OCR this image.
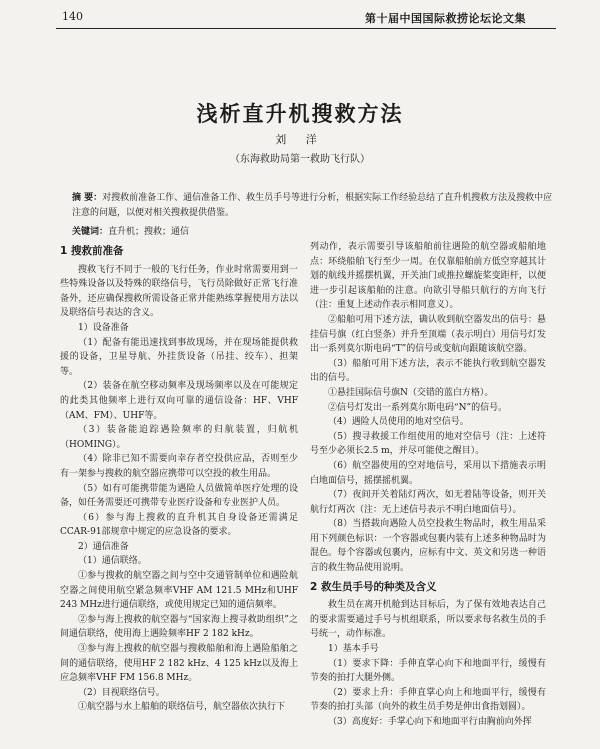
140	第十届中国国际救捞论坛论文集
浅析直升机搜救方法
刘 洋
（东海救助局第一救助飞行队）
摘 要：对搜救前准备工作、通信准备工作、救生员手号等进行分析，根据实际工作经验总结了直升机搜救方法及搜救中应注意的问题，以便对相关搜救提供借鉴。
关键词：直升机；搜救；通信

1 搜救前准备

搜救飞行不同于一般的飞行任务，作业时常需要用到一些特殊设备以及特殊的联络信号，飞行员除做好正常飞行准备外，还应确保搜救所需设备正常并能熟练掌握使用方法以及联络信号表达的含义。

1）设备准备

（1）配备有能迅速找到事故现场，并在现场能提供救援的设备，卫星导航、外挂货设备（吊挂、绞车）、担架等。

（2）装备在航空移动频率及现场频率以及在可能规定的此类其他频率上进行双向可靠的通信设备：HF、VHF（AM、FM）、UHF等。

（3）装备能追踪遇险频率的归航装置，归航机（HOMING）。

（4）除非已知不需要向幸存者空投供应品，否则至少有一架参与搜救的航空器应携带可以空投的救生用品。

（5）如有可能携带能为遇险人员做简单医疗处理的设备，如任务需要还可携带专业医疗设备和专业医护人员。

（6）参与海上搜救的直升机其自身设备还需满足CCAR-91部规章中规定的应急设备的要求。

2）通信准备

（1）通信联络。

①参与搜救的航空器之间与空中交通管制单位和遇险航空器之间使用航空紧急频率VHF AM 121.5 MHz和UHF 243 MHz进行通信联络，或使用规定已知的通信频率。

②参与海上搜救的航空器与“国家海上搜寻救助组织”之间通信联络，使用海上遇险频率HF 2 182 kHz。

③参与海上搜救的航空器与搜救船舶和海上遇险船舶之间的通信联络，使用HF 2 182 kHz、4 125 kHz以及海上应急频率VHF FM 156.8 MHz。

（2）目视联络信号。

①航空器与水上船舶的联络信号，航空器依次执行下

列动作，表示需要引导该船舶前往遇险的航空器或船舶地点：环绕船舶飞行至少一周。在仅靠船舶前方低空穿越其计划的航线并摇摆机翼，开关油门或推拉螺旋桨变距杆，以便进一步引起该船舶的注意。向欲引导船只航行的方向飞行（注：重复上述动作表示相同意义）。

②船舶可用下述方法，确认收到航空器发出的信号：悬挂信号旗（红白竖条）并升至顶端（表示明白）用信号灯发出一系列莫尔斯电码“T”的信号或变航向跟随该航空器。

（3）船舶可用下述方法，表示不能执行收到航空器发出的信号。

①悬挂国际信号旗N（交错的蓝白方格）。

②信号灯发出一系列莫尔斯电码“N”的信号。

（4）遇险人员使用的地对空信号。

（5）搜寻救援工作组使用的地对空信号（注：上述符号至少必须长2.5 m，并尽可能使之醒目）。

（6）航空器使用的空对地信号，采用以下措施表示明白地面信号，摇摆摇机翼。

（7）夜间开关着陆灯两次，如无着陆等设备，则开关航行灯两次（注：无上述信号表示不明白地面信号）。

（8）当搭载向遇险人员空投救生物品时，救生用品采用下列颜色标识：一个容器或包裹内装有上述多种物品时为混色。每个容器或包裹内，应标有中文、英文和另选一种语言的救生物品使用说明。

2 救生员手号的种类及含义

救生员在离开机舱到达目标后，为了保有效地表达自己的要求需要通过手号与机组联系，所以要求每名救生员的手号统一，动作标准。

1）基本手号

（1）要求下降：手伸直掌心向下和地面平行，缓慢有节奏的拍打大腿外侧。

（2）要求上升：手伸直掌心向上和地面平行，缓慢有节奏的拍打头部（向外的救生员手势是伸出食指划圆）。

（3）高度好：手掌心向下和地面平行由胸前向外挥
